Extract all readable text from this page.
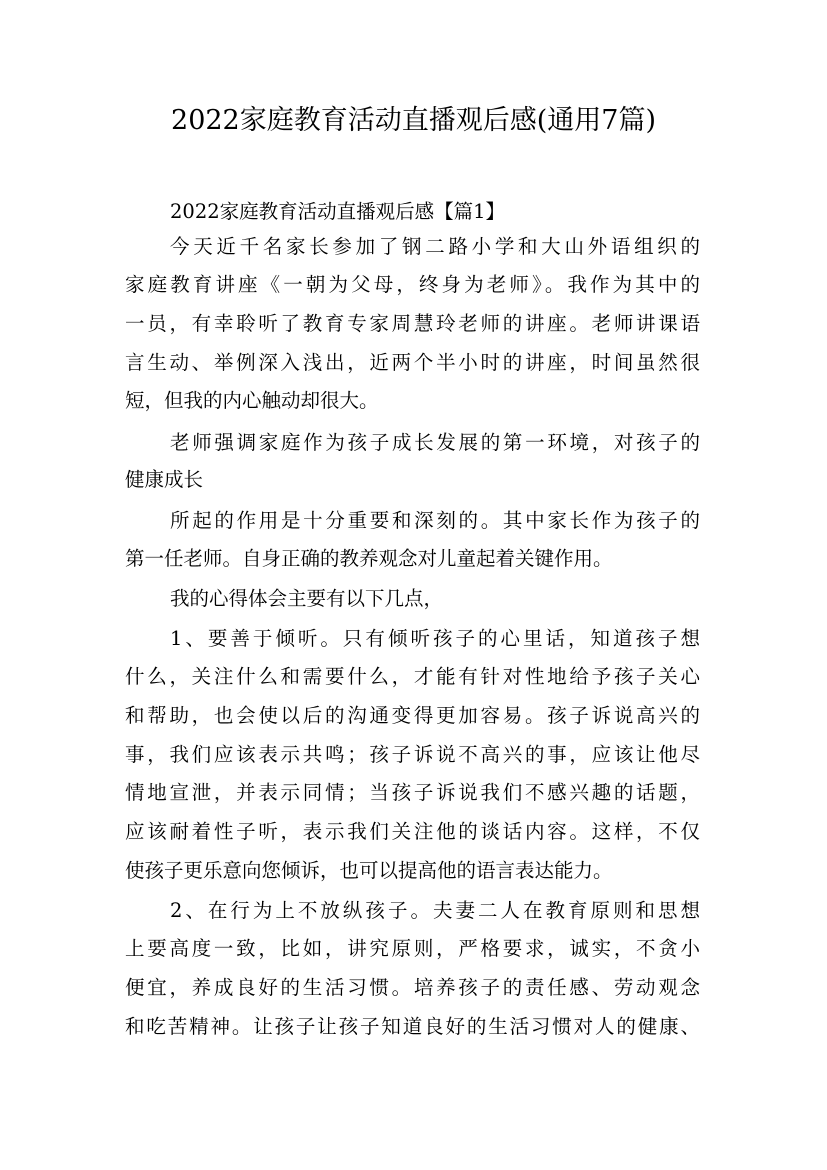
2022家庭教育活动直播观后感(通用7篇)
2022家庭教育活动直播观后感【篇1】
今天近千名家长参加了钢二路小学和大山外语组织的
家庭教育讲座《一朝为父母，终身为老师》。我作为其中的
一员，有幸聆听了教育专家周慧玲老师的讲座。老师讲课语
言生动、举例深入浅出，近两个半小时的讲座，时间虽然很
短，但我的内心触动却很大。
老师强调家庭作为孩子成长发展的第一环境，对孩子的
健康成长
所起的作用是十分重要和深刻的。其中家长作为孩子的
第一任老师。自身正确的教养观念对儿童起着关键作用。
我的心得体会主要有以下几点，
1、要善于倾听。只有倾听孩子的心里话，知道孩子想
什么，关注什么和需要什么，才能有针对性地给予孩子关心
和帮助，也会使以后的沟通变得更加容易。孩子诉说高兴的
事，我们应该表示共鸣；孩子诉说不高兴的事，应该让他尽
情地宣泄，并表示同情；当孩子诉说我们不感兴趣的话题，
应该耐着性子听，表示我们关注他的谈话内容。这样，不仅
使孩子更乐意向您倾诉，也可以提高他的语言表达能力。
2、在行为上不放纵孩子。夫妻二人在教育原则和思想
上要高度一致，比如，讲究原则，严格要求，诚实，不贪小
便宜，养成良好的生活习惯。培养孩子的责任感、劳动观念
和吃苦精神。让孩子让孩子知道良好的生活习惯对人的健康、
